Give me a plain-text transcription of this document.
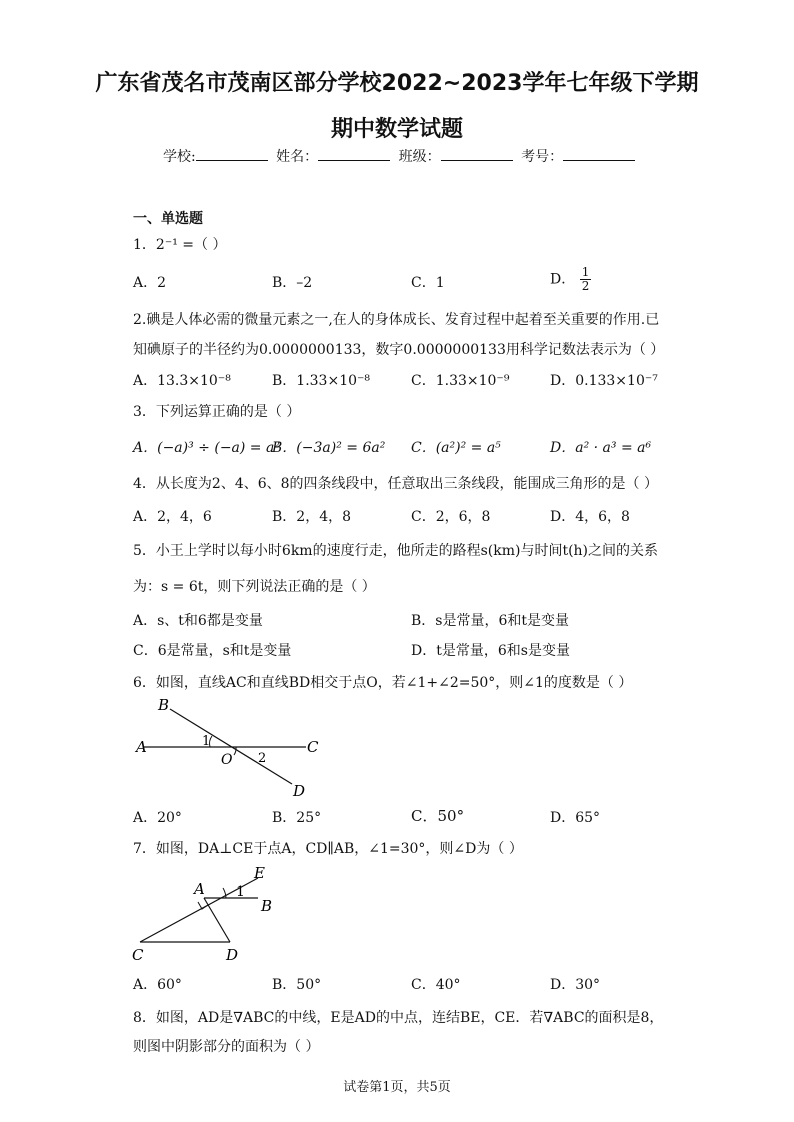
广东省茂名市茂南区部分学校2022~2023学年七年级下学期
期中数学试题
学校:	姓名：	班级：	考号：
一、单选题
1．2⁻¹ =（ ）
A．2	B．–2	C．1	D． $\frac{1}{2}$
2.碘是人体必需的微量元素之一,在人的身体成长、发育过程中起着至关重要的作用.已
知碘原子的半径约为0.0000000133，数字0.0000000133用科学记数法表示为（ ）
A．13.3×10⁻⁸	B．1.33×10⁻⁸	C．1.33×10⁻⁹	D．0.133×10⁻⁷
3．下列运算正确的是（ ）
A．(−a)³ ÷ (−a) = a²
B．(−3a)² = 6a² C．(a²)² = a⁵	D．a² · a³ = a⁶
4．从长度为2、4、6、8的四条线段中，任意取出三条线段，能围成三角形的是（ ）
A．2，4，6	B．2，4，8	C．2，6，8	D．4，6，8
5．小王上学时以每小时6km的速度行走，他所走的路程s(km)与时间t(h)之间的关系
为：s = 6t，则下列说法正确的是（ ）
A．s、t和6都是变量	B．s是常量，6和t是变量
C．6是常量，s和t是变量	D．t是常量，6和s是变量
6．如图，直线AC和直线BD相交于点O，若∠1+∠2=50°，则∠1的度数是（ ）
B
A	C
D
O
1
2
A．20°	B．25°	C．50°	D．65°
7．如图，DA⊥CE于点A，CD∥AB，∠1=30°，则∠D为（ ）
A
E
B
C	D
1
A．60°	B．50°	C．40°	D．30°
8．如图，AD是∇ABC的中线，E是AD的中点，连结BE，CE．若∇ABC的面积是8，
则图中阴影部分的面积为（ ）
试卷第1页，共5页
